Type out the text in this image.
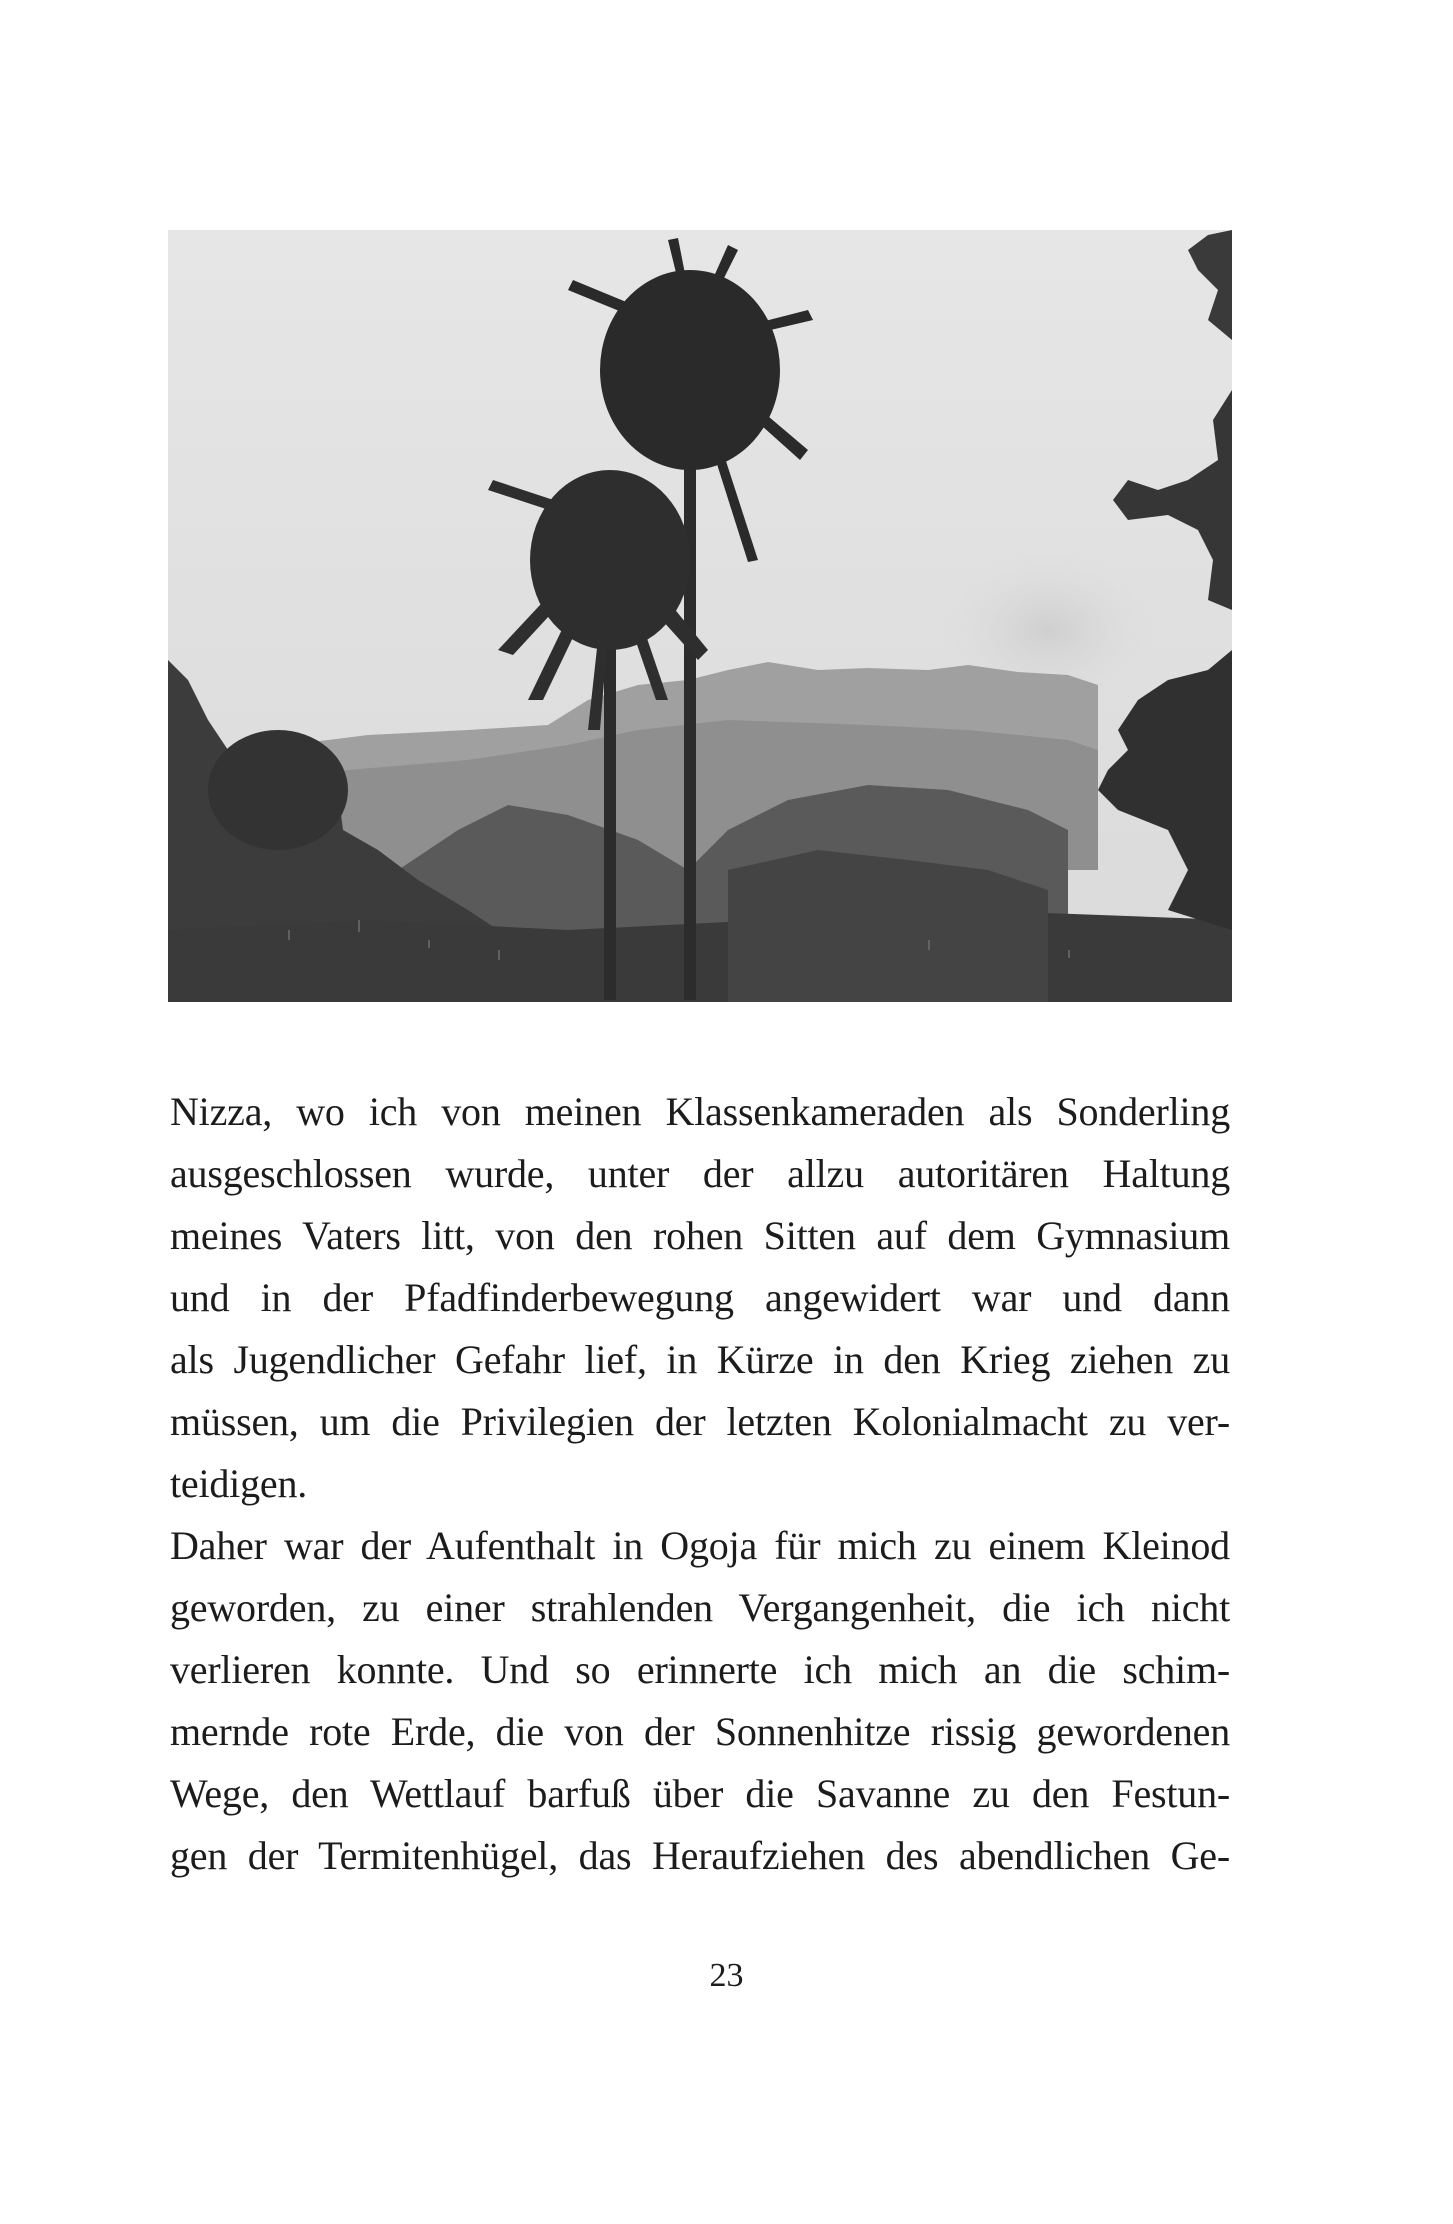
Nizza, wo ich von meinen Klassenkameraden als Sonderling
ausgeschlossen wurde, unter der allzu autoritären Haltung
meines Vaters litt, von den rohen Sitten auf dem Gymnasium
und in der Pfadfinderbewegung angewidert war und dann
als Jugendlicher Gefahr lief, in Kürze in den Krieg ziehen zu
müssen, um die Privilegien der letzten Kolonialmacht zu ver-
teidigen.
Daher war der Aufenthalt in Ogoja für mich zu einem Kleinod
geworden, zu einer strahlenden Vergangenheit, die ich nicht
verlieren konnte. Und so erinnerte ich mich an die schim-
mernde rote Erde, die von der Sonnenhitze rissig gewordenen
Wege, den Wettlauf barfuß über die Savanne zu den Festun-
gen der Termitenhügel, das Heraufziehen des abendlichen Ge-
23
